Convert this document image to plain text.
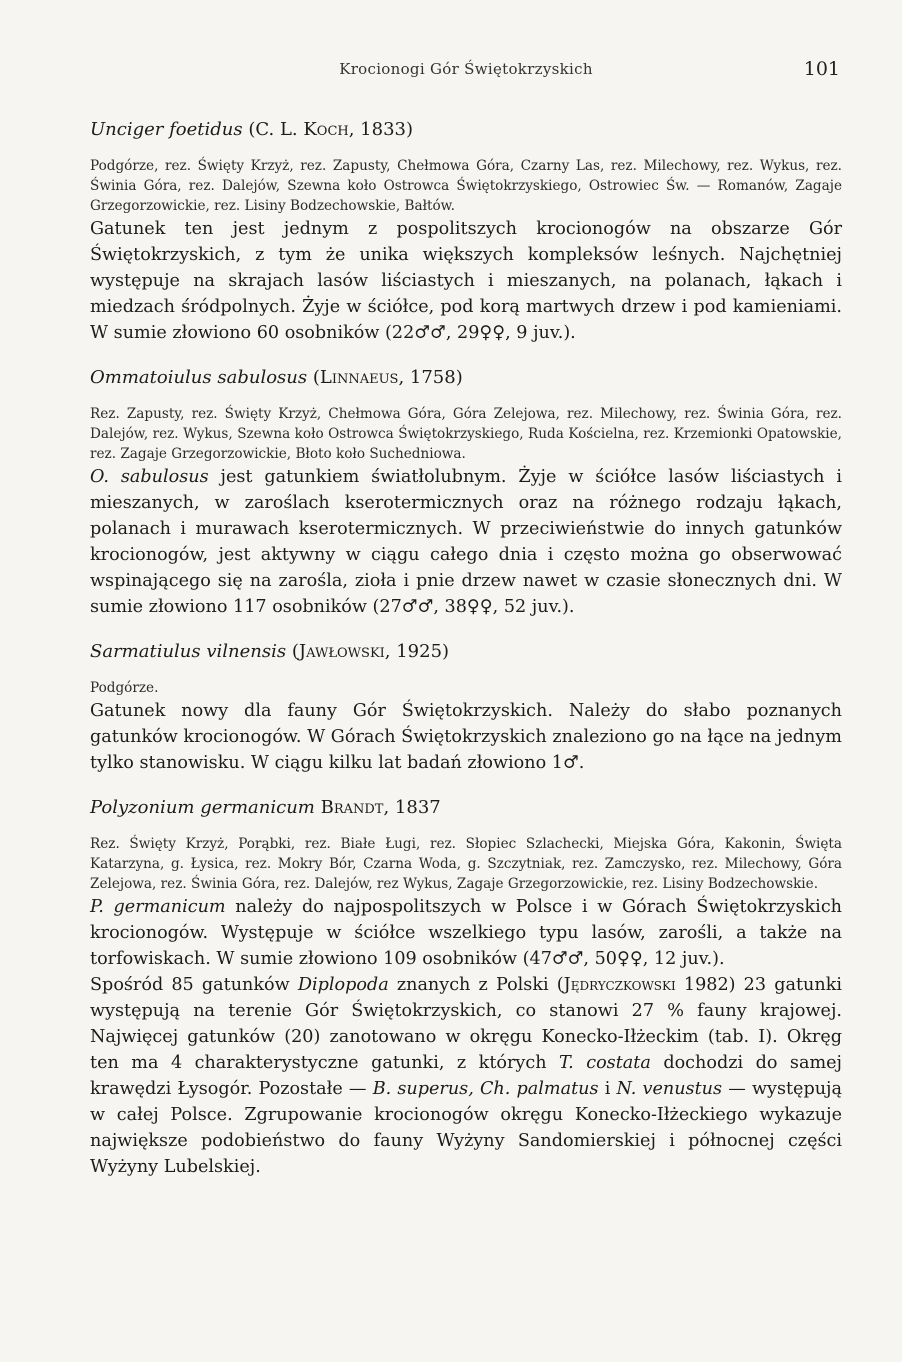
Krocionogi Gór Świętokrzyskich	101

Unciger foetidus (C. L. Koch, 1833)

Podgórze, rez. Święty Krzyż, rez. Zapusty, Chełmowa Góra, Czarny Las, rez. Milechowy, rez. Wykus, rez. Świnia Góra, rez. Dalejów, Szewna koło Ostrowca Świętokrzyskiego, Ostrowiec Św. — Romanów, Zagaje Grzegorzowickie, rez. Lisiny Bodzechowskie, Bałtów.

Gatunek ten jest jednym z pospolitszych krocionogów na obszarze Gór Świętokrzyskich, z tym że unika większych kompleksów leśnych. Najchętniej występuje na skrajach lasów liściastych i mieszanych, na polanach, łąkach i miedzach śródpolnych. Żyje w ściółce, pod korą martwych drzew i pod kamieniami. W sumie złowiono 60 osobników (22♂♂, 29♀♀, 9 juv.).

Ommatoiulus sabulosus (Linnaeus, 1758)

Rez. Zapusty, rez. Święty Krzyż, Chełmowa Góra, Góra Zelejowa, rez. Milechowy, rez. Świnia Góra, rez. Dalejów, rez. Wykus, Szewna koło Ostrowca Świętokrzyskiego, Ruda Kościelna, rez. Krzemionki Opatowskie, rez. Zagaje Grzegorzowickie, Błoto koło Suchedniowa.

O. sabulosus jest gatunkiem światłolubnym. Żyje w ściółce lasów liściastych i mieszanych, w zaroślach kserotermicznych oraz na różnego rodzaju łąkach, polanach i murawach kserotermicznych. W przeciwieństwie do innych gatunków krocionogów, jest aktywny w ciągu całego dnia i często można go obserwować wspinającego się na zarośla, zioła i pnie drzew nawet w czasie słonecznych dni. W sumie złowiono 117 osobników (27♂♂, 38♀♀, 52 juv.).

Sarmatiulus vilnensis (Jawłowski, 1925)

Podgórze.

Gatunek nowy dla fauny Gór Świętokrzyskich. Należy do słabo poznanych gatunków krocionogów. W Górach Świętokrzyskich znaleziono go na łące na jednym tylko stanowisku. W ciągu kilku lat badań złowiono 1♂.

Polyzonium germanicum Brandt, 1837

Rez. Święty Krzyż, Porąbki, rez. Białe Ługi, rez. Słopiec Szlachecki, Miejska Góra, Kakonin, Święta Katarzyna, g. Łysica, rez. Mokry Bór, Czarna Woda, g. Szczytniak, rez. Zamczysko, rez. Milechowy, Góra Zelejowa, rez. Świnia Góra, rez. Dalejów, rez Wykus, Zagaje Grzegorzowickie, rez. Lisiny Bodzechowskie.

P. germanicum należy do najpospolitszych w Polsce i w Górach Świętokrzyskich krocionogów. Występuje w ściółce wszelkiego typu lasów, zarośli, a także na torfowiskach. W sumie złowiono 109 osobników (47♂♂, 50♀♀, 12 juv.).

Spośród 85 gatunków Diplopoda znanych z Polski (Jędryczkowski 1982) 23 gatunki występują na terenie Gór Świętokrzyskich, co stanowi 27 % fauny krajowej. Najwięcej gatunków (20) zanotowano w okręgu Konecko-Iłżeckim (tab. I). Okręg ten ma 4 charakterystyczne gatunki, z których T. costata dochodzi do samej krawędzi Łysogór. Pozostałe — B. superus, Ch. palmatus i N. venustus — występują w całej Polsce. Zgrupowanie krocionogów okręgu Konecko-Iłżeckiego wykazuje największe podobieństwo do fauny Wyżyny Sandomierskiej i północnej części Wyżyny Lubelskiej.
